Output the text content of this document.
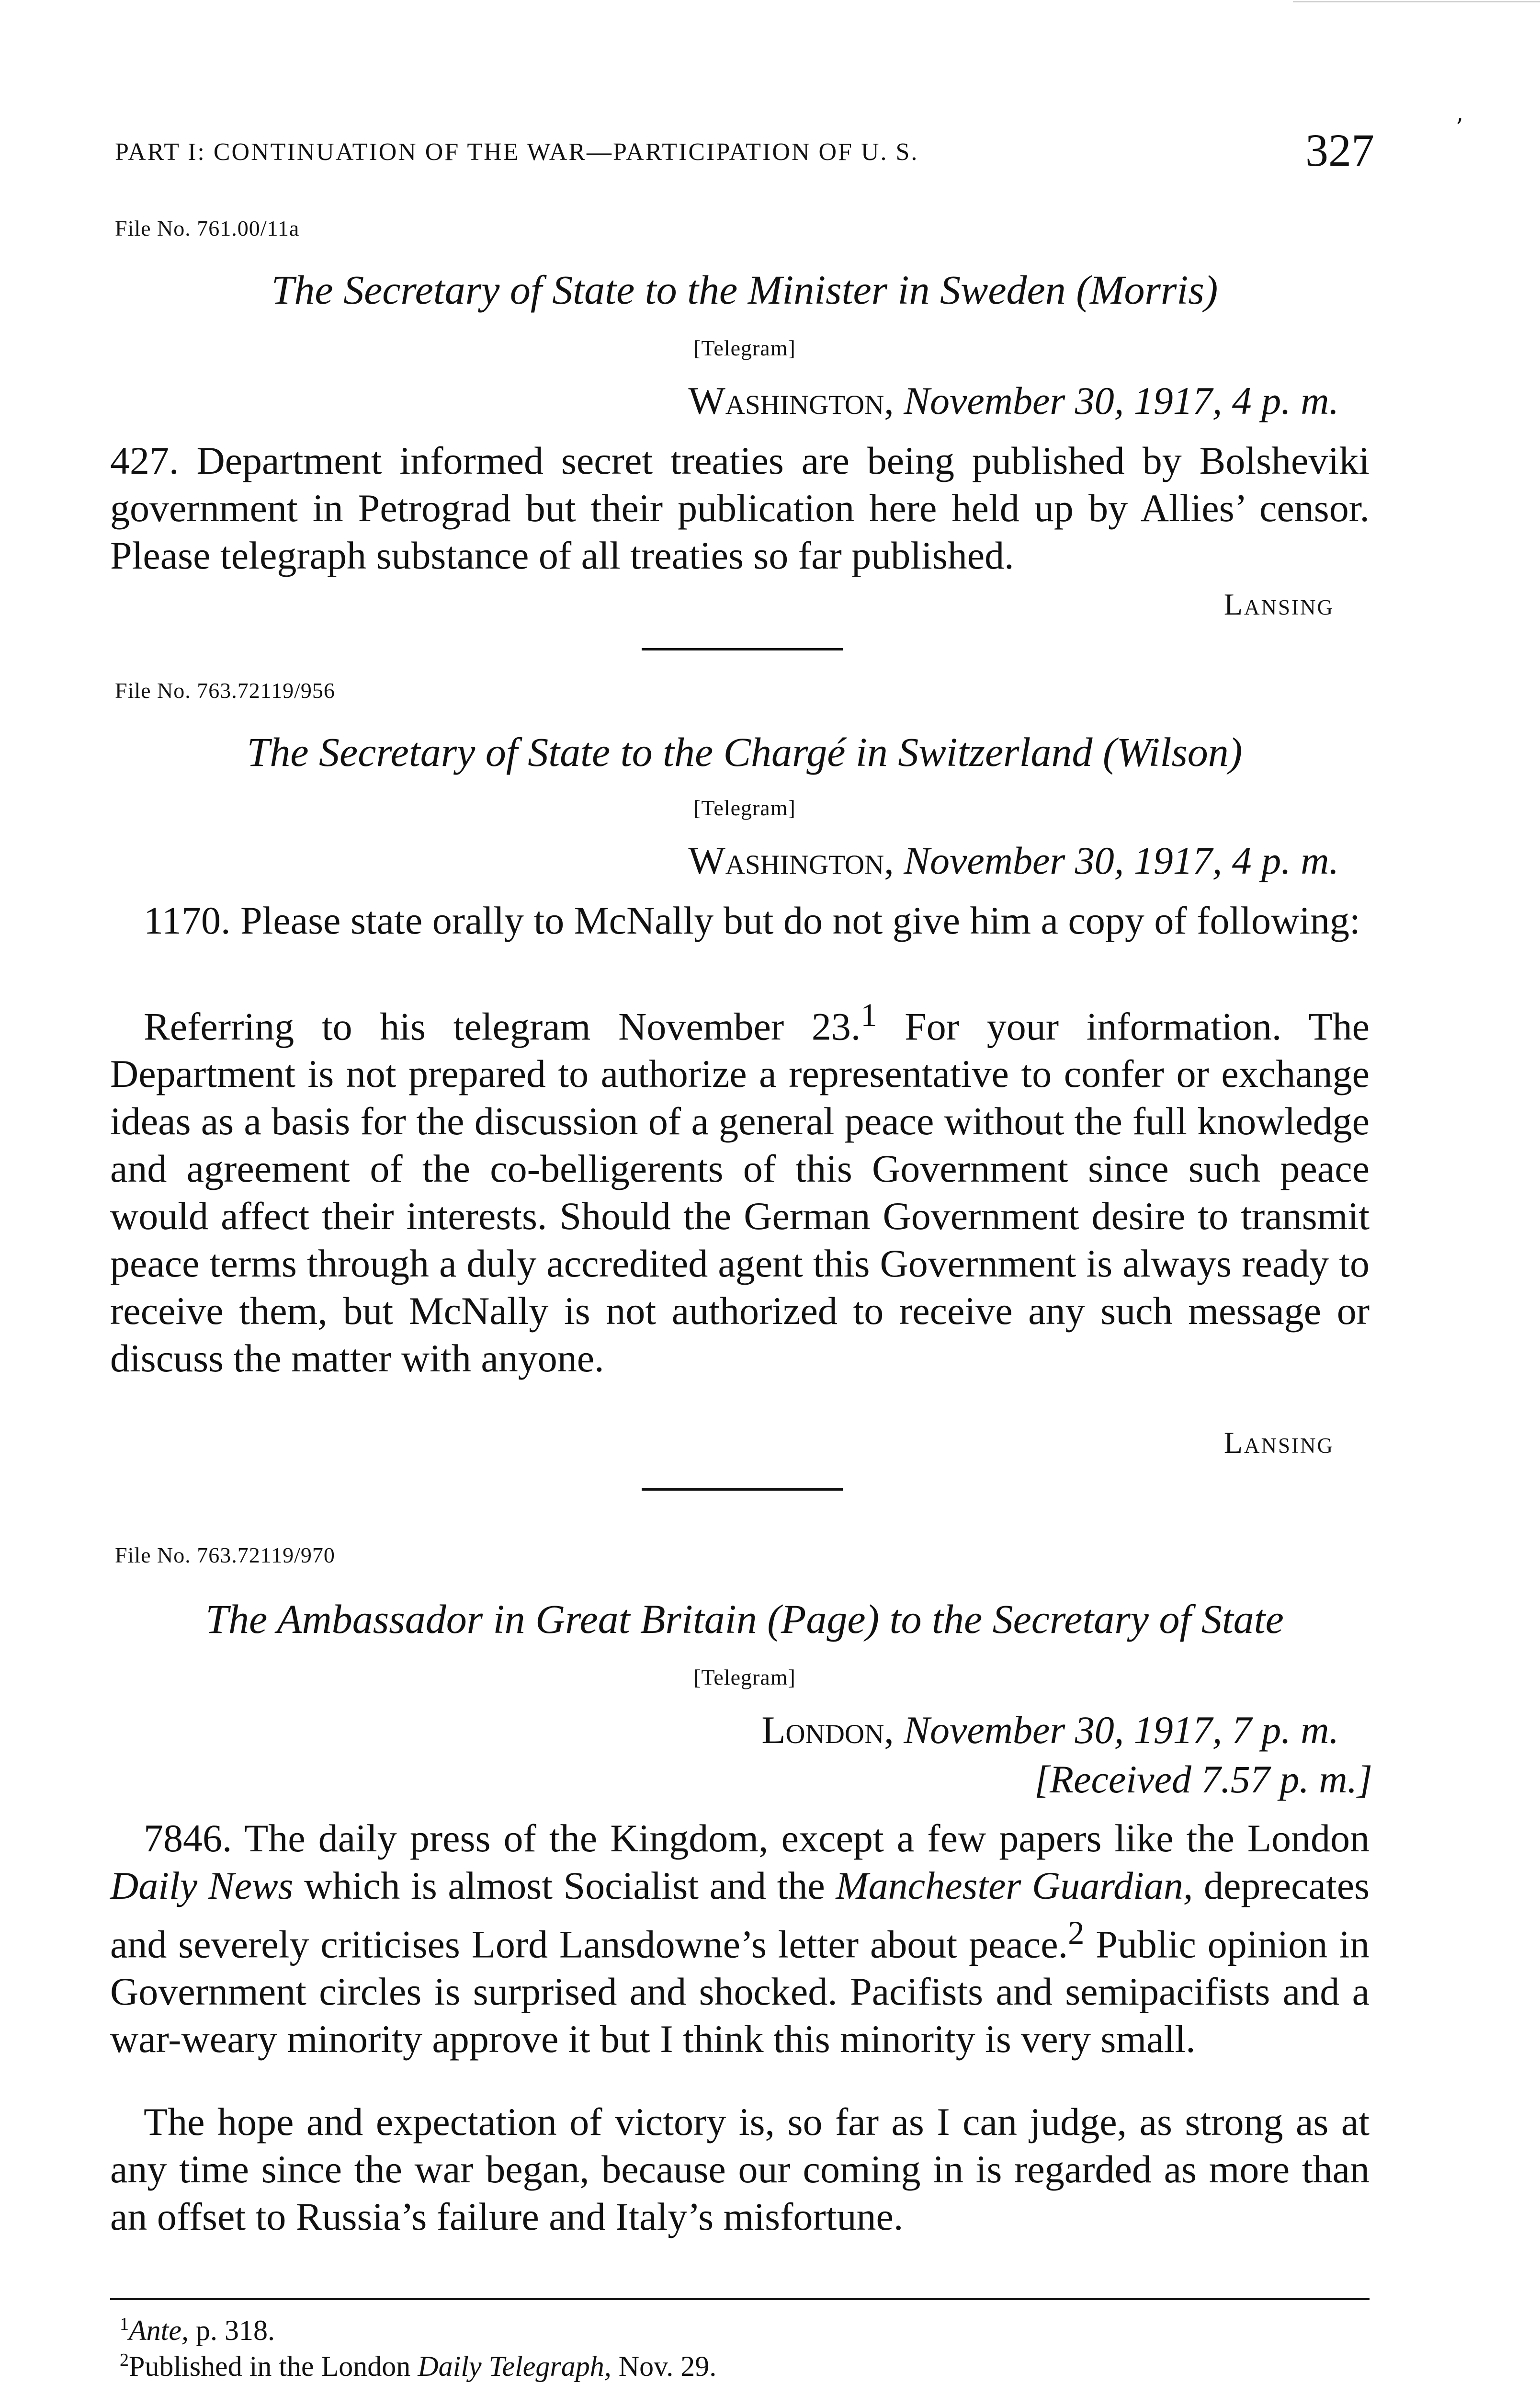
PART I: CONTINUATION OF THE WAR—PARTICIPATION OF U. S.	327	’
File No. 761.00/11a
The Secretary of State to the Minister in Sweden (Morris)
[Telegram]
Washington, November 30, 1917, 4 p. m.
427. Department informed secret treaties are being published by Bolsheviki government in Petrograd but their publication here held up by Allies’ censor. Please telegraph substance of all treaties so far published.
Lansing
File No. 763.72119/956
The Secretary of State to the Chargé in Switzerland (Wilson)
[Telegram]
Washington, November 30, 1917, 4 p. m.
1170. Please state orally to McNally but do not give him a copy of following:
Referring to his telegram November 23.$^1$ For your information. The Department is not prepared to authorize a representative to confer or exchange ideas as a basis for the discussion of a general peace without the full knowledge and agreement of the co-belligerents of this Government since such peace would affect their interests. Should the German Government desire to transmit peace terms through a duly accredited agent this Government is always ready to receive them, but McNally is not authorized to receive any such message or discuss the matter with anyone.
Lansing
File No. 763.72119/970
The Ambassador in Great Britain (Page) to the Secretary of State
[Telegram]
London, November 30, 1917, 7 p. m.
[Received 7.57 p. m.]
7846. The daily press of the Kingdom, except a few papers like the London Daily News which is almost Socialist and the Manchester Guardian, deprecates and severely criticises Lord Lansdowne’s letter about peace.$^2$ Public opinion in Government circles is surprised and shocked. Pacifists and semipacifists and a war-weary minority approve it but I think this minority is very small.
The hope and expectation of victory is, so far as I can judge, as strong as at any time since the war began, because our coming in is regarded as more than an offset to Russia’s failure and Italy’s misfortune.
$^1$Ante, p. 318.
$^2$Published in the London Daily Telegraph, Nov. 29.
